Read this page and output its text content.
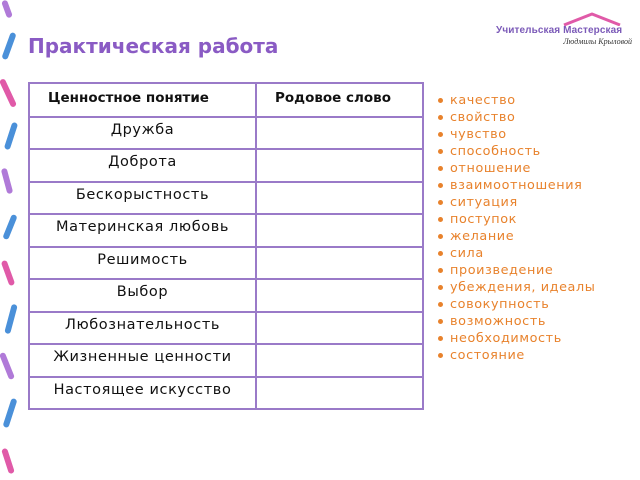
Практическая работа
Учительская Мастерская
Людмилы Крыловой
Ценностное понятие	Родовое слово
Дружба	
Доброта	
Бескорыстность	
Материнская любовь	
Решимость	
Выбор	
Любознательность	
Жизненные ценности	
Настоящее искусство	
качество
свойство
чувство
способность
отношение
взаимоотношения
ситуация
поступок
желание
сила
произведение
убеждения, идеалы
совокупность
возможность
необходимость
состояние
